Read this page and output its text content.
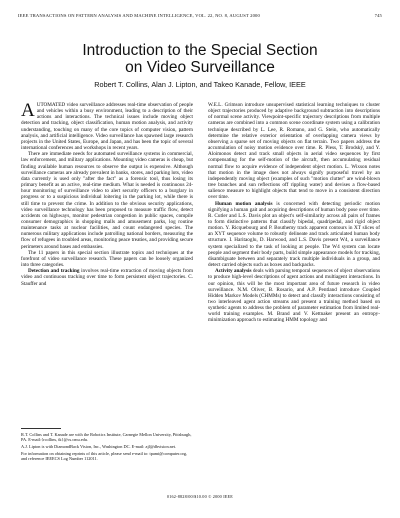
IEEE TRANSACTIONS ON PATTERN ANALYSIS AND MACHINE INTELLIGENCE, VOL. 22, NO. 8, AUGUST 2000	745
Introduction to the Special Section
on Video Surveillance
Robert T. Collins, Alan J. Lipton, and Takeo Kanade, Fellow, IEEE

AUTOMATED video surveillance addresses real-time observation of people and vehicles within a busy environment, leading to a description of their actions and interactions. The technical issues include moving object detection and tracking, object classification, human motion analysis, and activity understanding, touching on many of the core topics of computer vision, pattern analysis, and artificial intelligence. Video surveillance has spawned large research projects in the United States, Europe, and Japan, and has been the topic of several international conferences and workshops in recent years.

There are immediate needs for automated surveillance systems in commercial, law enforcement, and military applications. Mounting video cameras is cheap, but finding available human resources to observe the output is expensive. Although surveillance cameras are already prevalent in banks, stores, and parking lots, video data currently is used only "after the fact" as a forensic tool, thus losing its primary benefit as an active, real-time medium. What is needed is continuous 24-hour monitoring of surveillance video to alert security officers to a burglary in progress or to a suspicious individual loitering in the parking lot, while there is still time to prevent the crime. In addition to the obvious security applications, video surveillance technology has been proposed to measure traffic flow, detect accidents on highways, monitor pedestrian congestion in public spaces, compile consumer demographics in shopping malls and amusement parks, log routine maintenance tasks at nuclear facilities, and count endangered species. The numerous military applications include patrolling national borders, measuring the flow of refugees in troubled areas, monitoring peace treaties, and providing secure perimeters around bases and embassies.

The 11 papers in this special section illustrate topics and techniques at the forefront of video surveillance research. These papers can be loosely organized into three categories.

Detection and tracking involves real-time extraction of moving objects from video and continuous tracking over time to form persistent object trajectories. C. Stauffer and

R.T. Collins and T. Kanade are with the Robotics Institute, Carnegie Mellon University, Pittsburgh, PA. E-mail:{rcollins, tk}@cs.cmu.edu.

A.J. Lipton is with DiamondBack Vision, Inc., Washington DC. E-mail: ajl@dbvision.net.

For information on obtaining reprints of this article, please send e-mail to: tpami@computer.org, and reference IEEECS Log Number 112011.

W.E.L. Grimson introduce unsupervised statistical learning techniques to cluster object trajectories produced by adaptive background subtraction into descriptions of normal scene activity. Viewpoint-specific trajectory descriptions from multiple cameras are combined into a common scene coordinate system using a calibration technique described by L. Lee, R. Romano, and G. Stein, who automatically determine the relative exterior orientation of overlapping camera views by observing a sparse set of moving objects on flat terrain. Two papers address the accumulation of noisy motion evidence over time. R. Pless, T. Brodský, and Y. Aloimonos detect and track small objects in aerial video sequences by first compensating for the self-motion of the aircraft, then accumulating residual normal flow to acquire evidence of independent object motion. L. Wixson notes that motion in the image does not always signify purposeful travel by an independently moving object (examples of such "motion clutter" are wind-blown tree branches and sun reflections off rippling water) and devises a flow-based salience measure to highlight objects that tend to move in a consistent direction over time.

Human motion analysis is concerned with detecting periodic motion signifying a human gait and acquiring descriptions of human body pose over time. R. Cutler and L.S. Davis plot an object's self-similarity across all pairs of frames to form distinctive patterns that classify bipedal, quadripedal, and rigid object motion. Y. Ricquebourg and P. Bouthemy track apparent contours in XT slices of an XYT sequence volume to robustly delineate and track articulated human body structure. I. Haritaoglu, D. Harwood, and L.S. Davis present W4, a surveillance system specialized to the task of looking at people. The W4 system can locate people and segment their body parts, build simple appearance models for tracking, disambiguate between and separately track multiple individuals in a group, and detect carried objects such as boxes and backpacks.

Activity analysis deals with parsing temporal sequences of object observations to produce high-level descriptions of agent actions and multiagent interactions. In our opinion, this will be the most important area of future research in video surveillance. N.M. Oliver, B. Rosario, and A.P. Pentland introduce Coupled Hidden Markov Models (CHMMs) to detect and classify interactions consisting of two interleaved agent action streams and present a training method based on synthetic agents to address the problem of parameter estimation from limited real-world training examples. M. Brand and V. Kettnaker present an entropy-minimization approach to estimating HMM topology and

0162-8828/00/$10.00 © 2000 IEEE
